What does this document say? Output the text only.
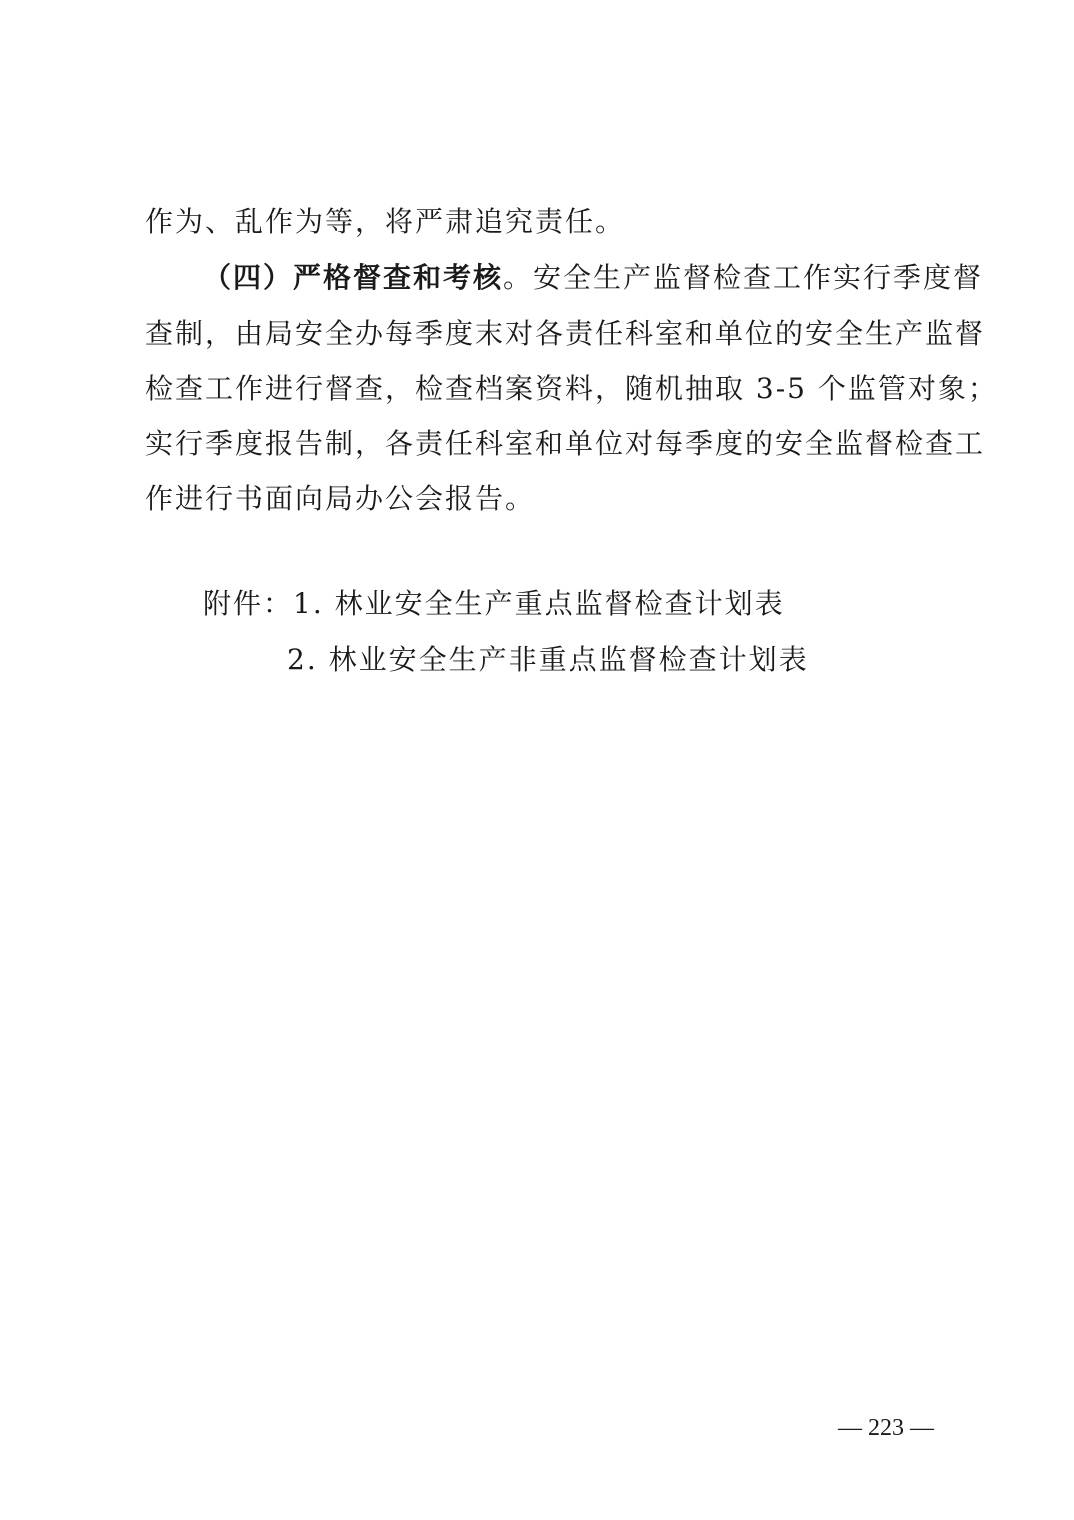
作为、乱作为等，将严肃追究责任。
（四）严格督查和考核。安全生产监督检查工作实行季度督
查制，由局安全办每季度末对各责任科室和单位的安全生产监督
检查工作进行督查，检查档案资料，随机抽取 3-5 个监管对象；
实行季度报告制，各责任科室和单位对每季度的安全监督检查工
作进行书面向局办公会报告。
附件：1. 林业安全生产重点监督检查计划表
2. 林业安全生产非重点监督检查计划表
— 223 —
